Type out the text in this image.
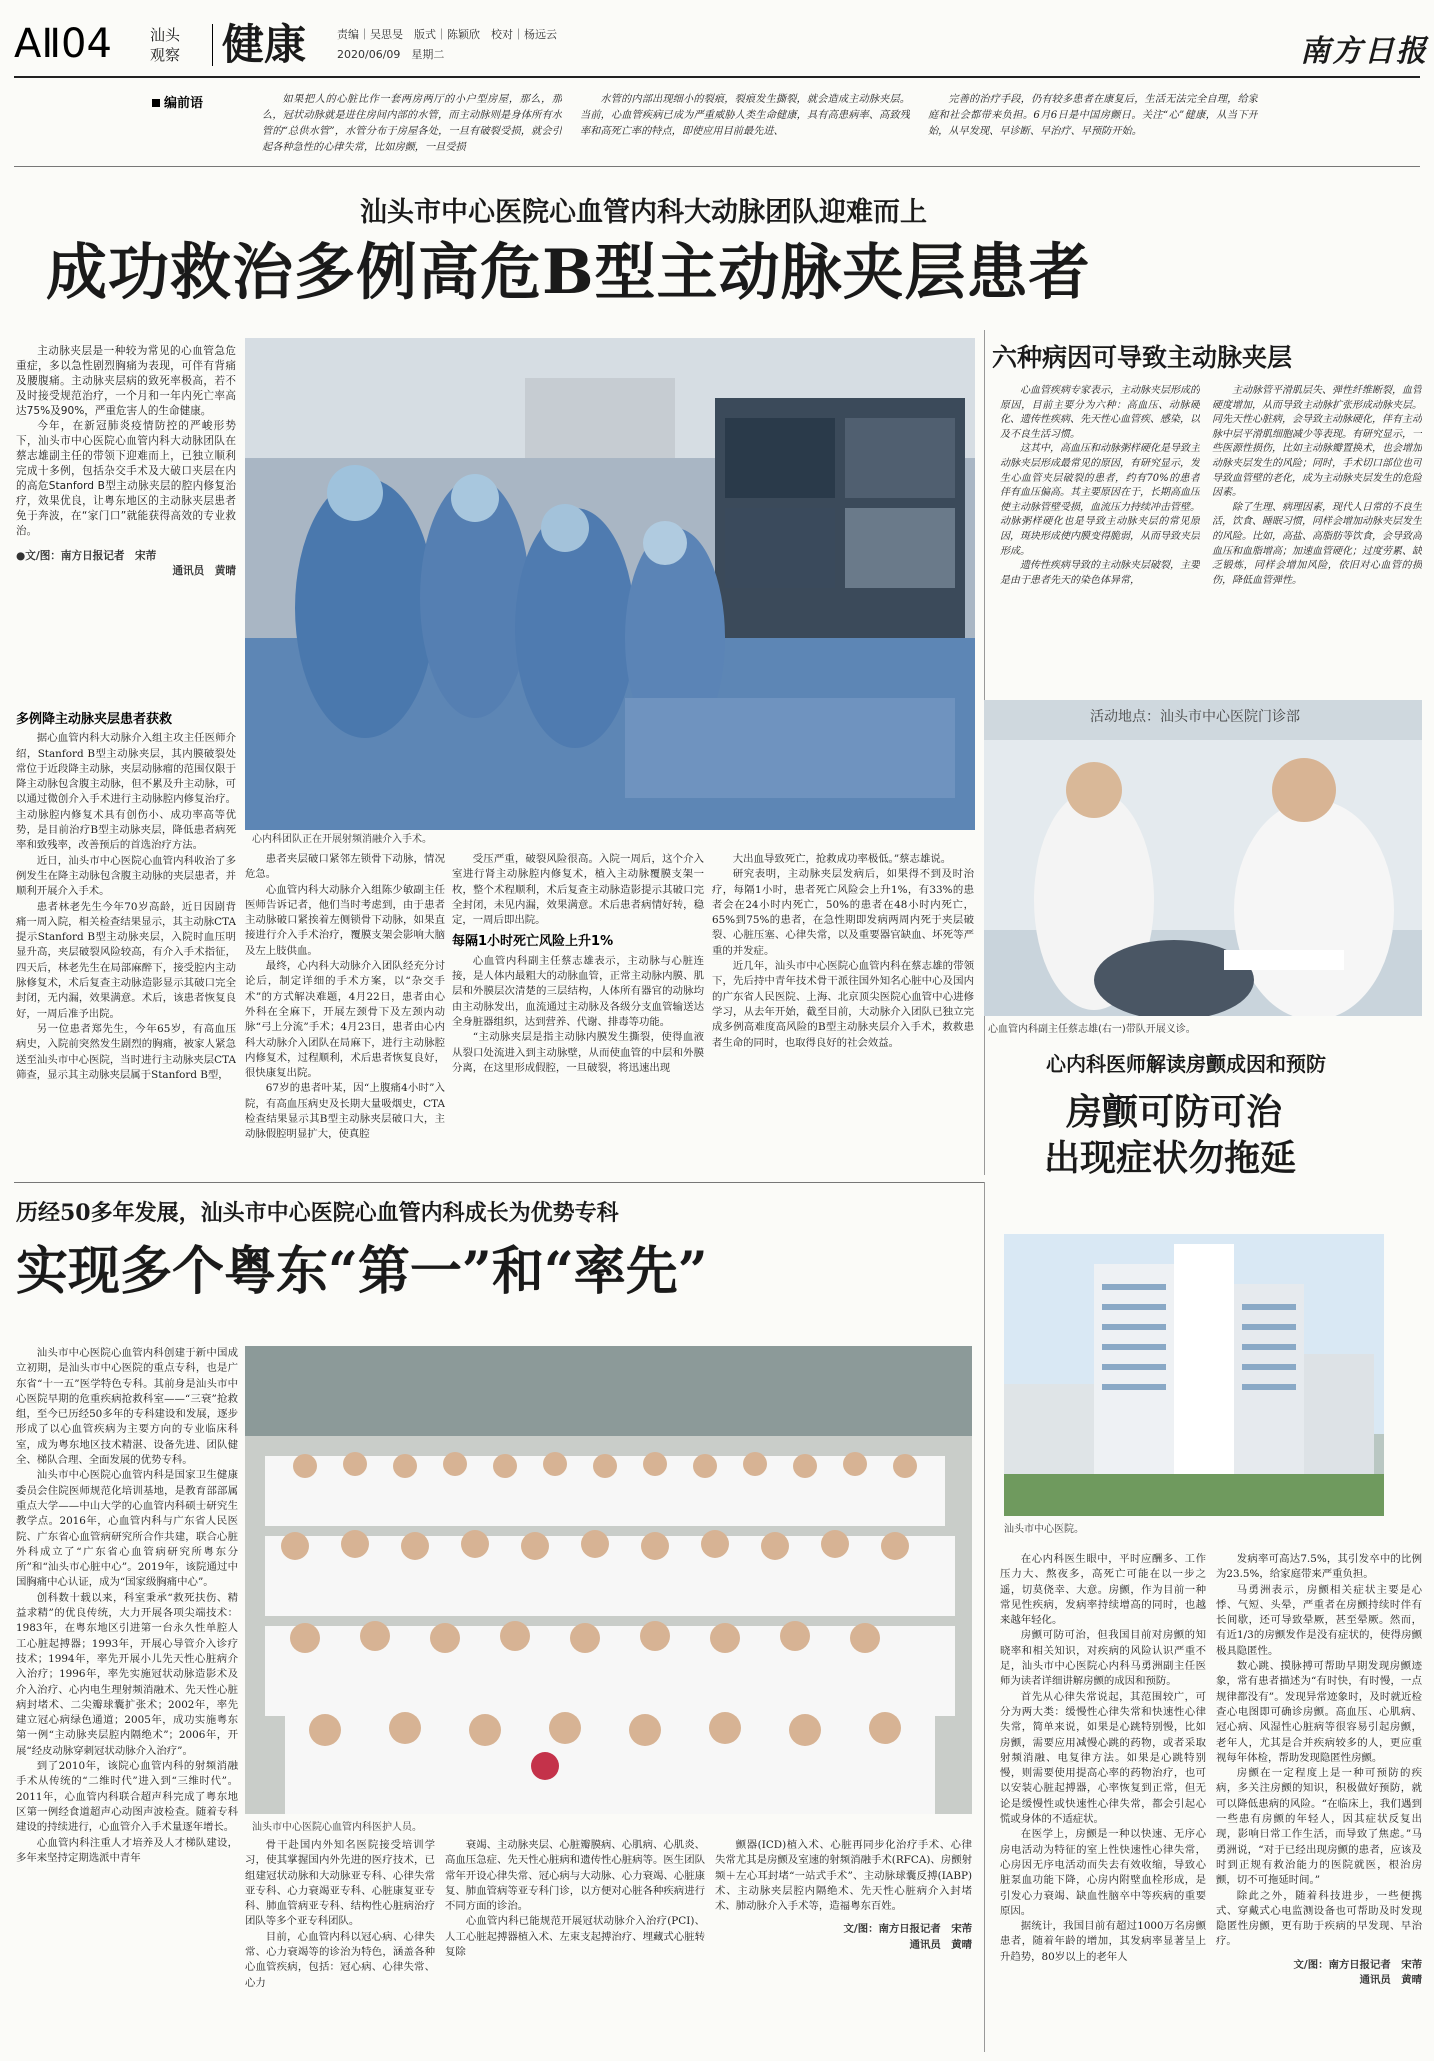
AⅡ04	汕头
观察 健康	责编｜吴思旻　版式｜陈颖欣　校对｜杨远云
2020/06/09　星期二	南方日报
编前语	如果把人的心脏比作一套两房两厅的小户型房屋，那么，那么，冠状动脉就是进住房间内部的水管，而主动脉则是身体所有水管的“总供水管”，水管分布于房屋各处，一旦有破裂受损，就会引起各种急性的心律失常，比如房颤，一旦受损

水管的内部出现细小的裂痕，裂痕发生撕裂，就会造成主动脉夹层。当前，心血管疾病已成为严重威胁人类生命健康，具有高患病率、高致残率和高死亡率的特点，即使应用目前最先进、

完善的治疗手段，仍有较多患者在康复后，生活无法完全自理，给家庭和社会都带来负担。6月6日是中国房颤日。关注“心”健康，从当下开始，从早发现、早诊断、早治疗、早预防开始。

汕头市中心医院心血管内科大动脉团队迎难而上
成功救治多例高危B型主动脉夹层患者

主动脉夹层是一种较为常见的心血管急危重症，多以急性剧烈胸痛为表现，可伴有背痛及腰腹痛。主动脉夹层病的致死率极高，若不及时接受规范治疗，一个月和一年内死亡率高达75%及90%，严重危害人的生命健康。

今年，在新冠肺炎疫情防控的严峻形势下，汕头市中心医院心血管内科大动脉团队在蔡志雄副主任的带领下迎难而上，已独立顺利完成十多例，包括杂交手术及大破口夹层在内的高危Stanford B型主动脉夹层的腔内修复治疗，效果优良，让粤东地区的主动脉夹层患者免于奔波，在“家门口”就能获得高效的专业救治。

●文/图：南方日报记者　宋芾

通讯员　黄晴

心内科团队正在开展射频消融介入手术。

多例降主动脉夹层患者获救

据心血管内科大动脉介入组主攻主任医师介绍，Stanford B型主动脉夹层，其内膜破裂处常位于近段降主动脉，夹层动脉瘤的范围仅限于降主动脉包含腹主动脉，但不累及升主动脉，可以通过微创介入手术进行主动脉腔内修复治疗。主动脉腔内修复术具有创伤小、成功率高等优势，是目前治疗B型主动脉夹层，降低患者病死率和致残率，改善预后的首选治疗方法。

近日，汕头市中心医院心血管内科收治了多例发生在降主动脉包含腹主动脉的夹层患者，并顺利开展介入手术。

患者林老先生今年70岁高龄，近日因剧背痛一周入院，相关检查结果显示，其主动脉CTA提示Stanford B型主动脉夹层，入院时血压明显升高，夹层破裂风险较高，有介入手术指征，四天后，林老先生在局部麻醉下，接受腔内主动脉修复术，术后复查主动脉造影显示其破口完全封闭，无内漏，效果满意。术后，该患者恢复良好，一周后准予出院。

另一位患者郑先生，今年65岁，有高血压病史，入院前突然发生剧烈的胸痛，被家人紧急送至汕头市中心医院，当时进行主动脉夹层CTA筛查，显示其主动脉夹层属于Stanford B型，

患者夹层破口紧邻左锁骨下动脉，情况危急。

心血管内科大动脉介入组陈少敏副主任医师告诉记者，他们当时考虑到，由于患者主动脉破口紧挨着左侧锁骨下动脉，如果直接进行介入手术治疗，覆膜支架会影响大脑及左上肢供血。

最终，心内科大动脉介入团队经充分讨论后，制定详细的手术方案，以“杂交手术”的方式解决难题，4月22日，患者由心外科在全麻下，开展左颈骨下及左颈内动脉“弓上分流”手术；4月23日，患者由心内科大动脉介入团队在局麻下，进行主动脉腔内修复术，过程顺利，术后患者恢复良好，很快康复出院。

67岁的患者叶某，因“上腹痛4小时”入院，有高血压病史及长期大量吸烟史，CTA检查结果显示其B型主动脉夹层破口大，主动脉假腔明显扩大，使真腔

受压严重，破裂风险很高。入院一周后，这个介入室进行肾主动脉腔内修复术，植入主动脉覆膜支架一枚，整个术程顺利，术后复查主动脉造影提示其破口完全封闭，未见内漏，效果满意。术后患者病情好转，稳定，一周后即出院。

每隔1小时死亡风险上升1%

心血管内科副主任蔡志雄表示，主动脉与心脏连接，是人体内最粗大的动脉血管，正常主动脉内膜、肌层和外膜层次清楚的三层结构，人体所有器官的动脉均由主动脉发出，血流通过主动脉及各级分支血管输送达全身脏器组织，达到营养、代谢、排毒等功能。

“主动脉夹层是指主动脉内膜发生撕裂，使得血液从裂口处流进入到主动脉壁，从而使血管的中层和外膜分离，在这里形成假腔，一旦破裂，将迅速出现

大出血导致死亡，抢救成功率极低。”蔡志雄说。

研究表明，主动脉夹层发病后，如果得不到及时治疗，每隔1小时，患者死亡风险会上升1%，有33%的患者会在24小时内死亡，50%的患者在48小时内死亡，65%到75%的患者，在急性期即发病两周内死于夹层破裂、心脏压塞、心律失常，以及重要器官缺血、坏死等严重的并发症。

近几年，汕头市中心医院心血管内科在蔡志雄的带领下，先后持中青年技术骨干派往国外知名心脏中心及国内的广东省人民医院、上海、北京顶尖医院心血管中心进修学习，从去年开始，截至目前，大动脉介入团队已独立完成多例高难度高风险的B型主动脉夹层介入手术，救救患者生命的同时，也取得良好的社会效益。

六种病因可导致主动脉夹层

心血管疾病专家表示，主动脉夹层形成的原因，目前主要分为六种：高血压、动脉硬化、遗传性疾病、先天性心血管疾、感染，以及不良生活习惯。

这其中，高血压和动脉粥样硬化是导致主动脉夹层形成最常见的原因，有研究显示，发生心血管夹层破裂的患者，约有70%的患者伴有血压偏高。其主要原因在于，长期高血压使主动脉管壁受损，血流压力持续冲击管壁。动脉粥样硬化也是导致主动脉夹层的常见原因，斑块形成使内膜变得脆弱，从而导致夹层形成。

遗传性疾病导致的主动脉夹层破裂，主要是由于患者先天的染色体异常，

主动脉管平滑肌层失、弹性纤维断裂，血管硬度增加，从而导致主动脉扩张形成动脉夹层。同先天性心脏病，会导致主动脉硬化，伴有主动脉中层平滑肌细胞减少等表现。有研究显示，一些医源性损伤，比如主动脉瓣置换术，也会增加动脉夹层发生的风险；同时，手术切口部位也可导致血管壁的老化，成为主动脉夹层发生的危险因素。

除了生理、病理因素，现代人日常的不良生活，饮食、睡眠习惯，同样会增加动脉夹层发生的风险。比如，高盐、高脂肪等饮食，会导致高血压和血脂增高；加速血管硬化；过度劳累、缺乏锻炼，同样会增加风险，依旧对心血管的损伤，降低血管弹性。

活动地点：汕头市中心医院门诊部
心血管内科副主任蔡志雄(右一)带队开展义诊。
心内科医师解读房颤成因和预防
房颤可防可治
出现症状勿拖延
历经50多年发展，汕头市中心医院心血管内科成长为优势专科
实现多个粤东“第一”和“率先”

汕头市中心医院心血管内科创建于新中国成立初期，是汕头市中心医院的重点专科，也是广东省“十一五”医学特色专科。其前身是汕头市中心医院早期的危重疾病抢救科室——“三衰”抢救组，至今已历经50多年的专科建设和发展，逐步形成了以心血管疾病为主要方向的专业临床科室，成为粤东地区技术精湛、设备先进、团队健全、梯队合理、全面发展的优势专科。

汕头市中心医院心血管内科是国家卫生健康委员会住院医师规范化培训基地，是教育部部属重点大学——中山大学的心血管内科硕士研究生教学点。2016年，心血管内科与广东省人民医院、广东省心血管病研究所合作共建，联合心脏外科成立了“广东省心血管病研究所粤东分所”和“汕头市心脏中心”。2019年，该院通过中国胸痛中心认证，成为“国家级胸痛中心”。

创科数十载以来，科室秉承“救死扶伤、精益求精”的优良传统，大力开展各项尖端技术：1983年，在粤东地区引进第一台永久性单腔人工心脏起搏器；1993年，开展心导管介入诊疗技术；1994年，率先开展小儿先天性心脏病介入治疗；1996年，率先实施冠状动脉造影术及介入治疗、心内电生理射频消融术、先天性心脏病封堵术、二尖瓣球囊扩张术；2002年，率先建立冠心病绿色通道；2005年，成功实施粤东第一例“主动脉夹层腔内隔绝术”；2006年，开展“经皮动脉穿刺冠状动脉介入治疗”。

到了2010年，该院心血管内科的射频消融手术从传统的“二维时代”进入到“三维时代”。2011年，心血管内科联合超声科完成了粤东地区第一例经食道超声心动图声波检查。随着专科建设的持续进行，心血管介入手术量逐年增长。

心血管内科注重人才培养及人才梯队建设，多年来坚持定期选派中青年

汕头市中心医院心血管内科医护人员。

骨干赴国内外知名医院接受培训学习，使其掌握国内外先进的医疗技术，已组建冠状动脉和大动脉亚专科、心律失常亚专科、心力衰竭亚专科、心脏康复亚专科、肺血管病亚专科、结构性心脏病治疗团队等多个亚专科团队。

目前，心血管内科以冠心病、心律失常、心力衰竭等的诊治为特色，涵盖各种心血管疾病，包括：冠心病、心律失常、心力

衰竭、主动脉夹层、心脏瓣膜病、心肌病、心肌炎、高血压急症、先天性心脏病和遗传性心脏病等。医生团队常年开设心律失常、冠心病与大动脉、心力衰竭、心脏康复、肺血管病等亚专科门诊，以方便对心脏各种疾病进行不同方面的诊治。

心血管内科已能规范开展冠状动脉介入治疗(PCI)、人工心脏起搏器植入术、左束支起搏治疗、埋藏式心脏转复除

颤器(ICD)植入术、心脏再同步化治疗手术、心律失常尤其是房颤及室速的射频消融手术(RFCA)、房颤射频＋左心耳封堵“一站式手术”、主动脉球囊反搏(IABP)术、主动脉夹层腔内隔绝术、先天性心脏病介入封堵术、肺动脉介入手术等，造福粤东百姓。

文/图：南方日报记者　宋芾

通讯员　黄晴

汕头市中心医院。

在心内科医生眼中，平时应酬多、工作压力大、熬夜多，高死亡可能在以一步之遥，切莫侥幸、大意。房颤，作为目前一种常见性疾病，发病率持续增高的同时，也越来越年轻化。

房颤可防可治，但我国目前对房颤的知晓率和相关知识，对疾病的风险认识严重不足，汕头市中心医院心内科马勇洲副主任医师为读者详细讲解房颤的成因和预防。

首先从心律失常说起，其范围较广，可分为两大类：缓慢性心律失常和快速性心律失常，简单来说，如果是心跳特别慢，比如房颤，需要应用减慢心跳的药物，或者采取射频消融、电复律方法。如果是心跳特别慢，则需要使用提高心率的药物治疗，也可以安装心脏起搏器，心率恢复到正常，但无论是缓慢性或快速性心律失常，都会引起心慌或身体的不适症状。

在医学上，房颤是一种以快速、无序心房电活动为特征的室上性快速性心律失常，心房因无序电活动而失去有效收缩，导致心脏泵血功能下降，心房内附壁血栓形成，是引发心力衰竭、缺血性脑卒中等疾病的重要原因。

据统计，我国目前有超过1000万名房颤患者，随着年龄的增加，其发病率显著呈上升趋势，80岁以上的老年人

发病率可高达7.5%，其引发卒中的比例为23.5%，给家庭带来严重负担。

马勇洲表示，房颤相关症状主要是心悸、气短、头晕，严重者在房颤持续时伴有长间歇，还可导致晕厥，甚至晕厥。然而，有近1/3的房颤发作是没有症状的，使得房颤极具隐匿性。

数心跳、摸脉搏可帮助早期发现房颤迹象，常有患者描述为“有时快，有时慢，一点规律都没有”。发现异常迹象时，及时就近检查心电图即可确诊房颤。高血压、心肌病、冠心病、风湿性心脏病等很容易引起房颤，老年人，尤其是合并疾病较多的人，更应重视每年体检，帮助发现隐匿性房颤。

房颤在一定程度上是一种可预防的疾病，多关注房颤的知识，积极做好预防，就可以降低患病的风险。“在临床上，我们遇到一些患有房颤的年轻人，因其症状反复出现，影响日常工作生活，而导致了焦虑。”马勇洲说，“对于已经出现房颤的患者，应该及时到正规有救治能力的医院就医，根治房颤，切不可拖延时间。”

除此之外，随着科技进步，一些便携式、穿戴式心电监测设备也可帮助及时发现隐匿性房颤，更有助于疾病的早发现、早治疗。

文/图：南方日报记者　宋芾

通讯员　黄晴
